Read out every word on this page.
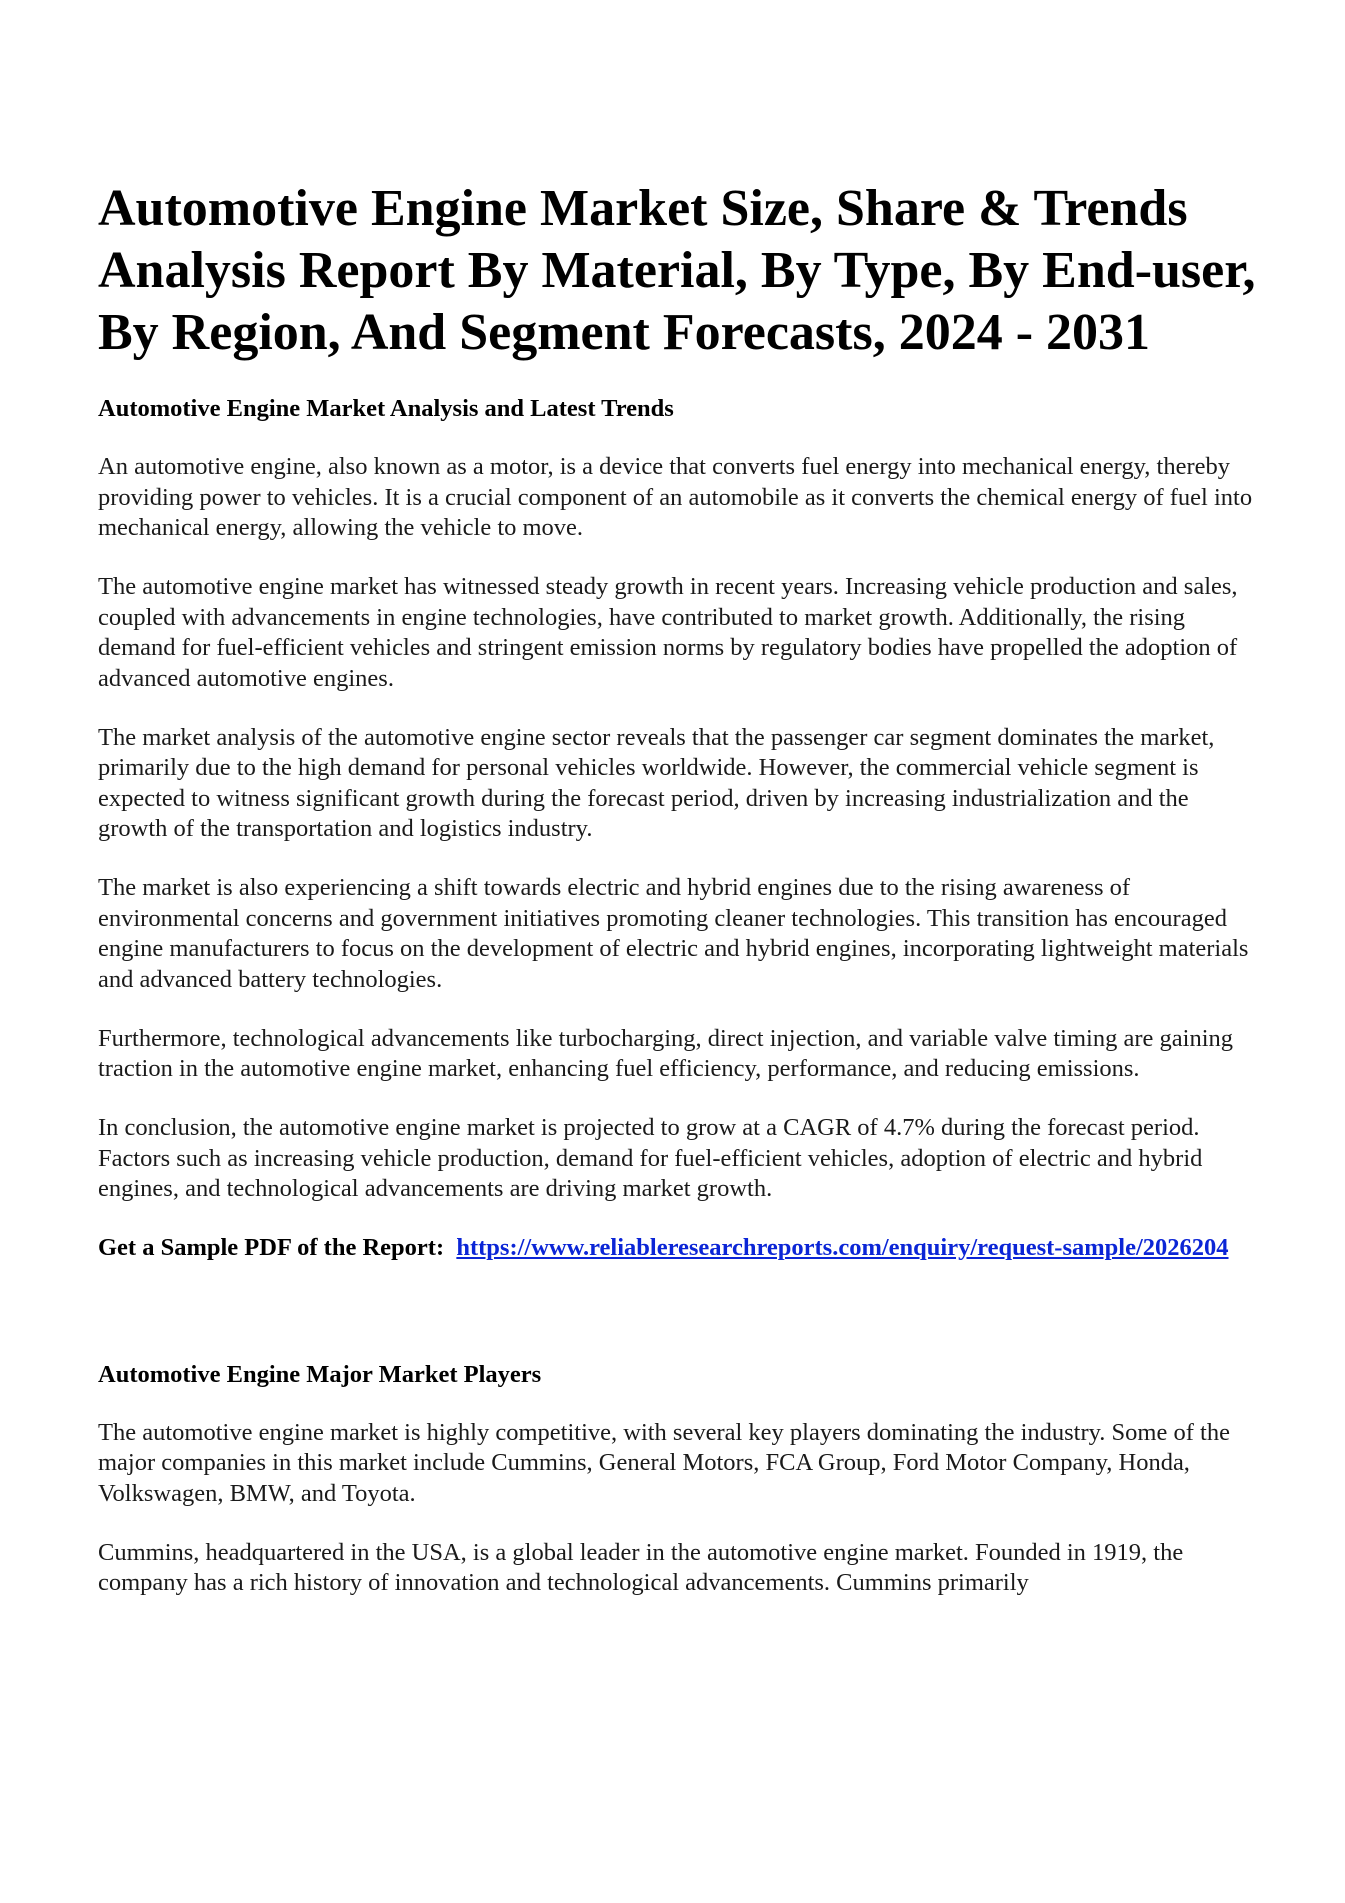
Automotive Engine Market Size, Share & Trends Analysis Report By Material, By Type, By End-user, By Region, And Segment Forecasts, 2024 - 2031
Automotive Engine Market Analysis and Latest Trends

An automotive engine, also known as a motor, is a device that converts fuel energy into mechanical energy, thereby providing power to vehicles. It is a crucial component of an automobile as it converts the chemical energy of fuel into mechanical energy, allowing the vehicle to move.

The automotive engine market has witnessed steady growth in recent years. Increasing vehicle production and sales, coupled with advancements in engine technologies, have contributed to market growth. Additionally, the rising demand for fuel-efficient vehicles and stringent emission norms by regulatory bodies have propelled the adoption of advanced automotive engines.

The market analysis of the automotive engine sector reveals that the passenger car segment dominates the market, primarily due to the high demand for personal vehicles worldwide. However, the commercial vehicle segment is expected to witness significant growth during the forecast period, driven by increasing industrialization and the growth of the transportation and logistics industry.

The market is also experiencing a shift towards electric and hybrid engines due to the rising awareness of environmental concerns and government initiatives promoting cleaner technologies. This transition has encouraged engine manufacturers to focus on the development of electric and hybrid engines, incorporating lightweight materials and advanced battery technologies.

Furthermore, technological advancements like turbocharging, direct injection, and variable valve timing are gaining traction in the automotive engine market, enhancing fuel efficiency, performance, and reducing emissions.

In conclusion, the automotive engine market is projected to grow at a CAGR of 4.7% during the forecast period. Factors such as increasing vehicle production, demand for fuel-efficient vehicles, adoption of electric and hybrid engines, and technological advancements are driving market growth.

Get a Sample PDF of the Report: https://www.reliableresearchreports.com/enquiry/request-sample/2026204

Automotive Engine Major Market Players

The automotive engine market is highly competitive, with several key players dominating the industry. Some of the major companies in this market include Cummins, General Motors, FCA Group, Ford Motor Company, Honda, Volkswagen, BMW, and Toyota.

Cummins, headquartered in the USA, is a global leader in the automotive engine market. Founded in 1919, the company has a rich history of innovation and technological advancements. Cummins primarily
